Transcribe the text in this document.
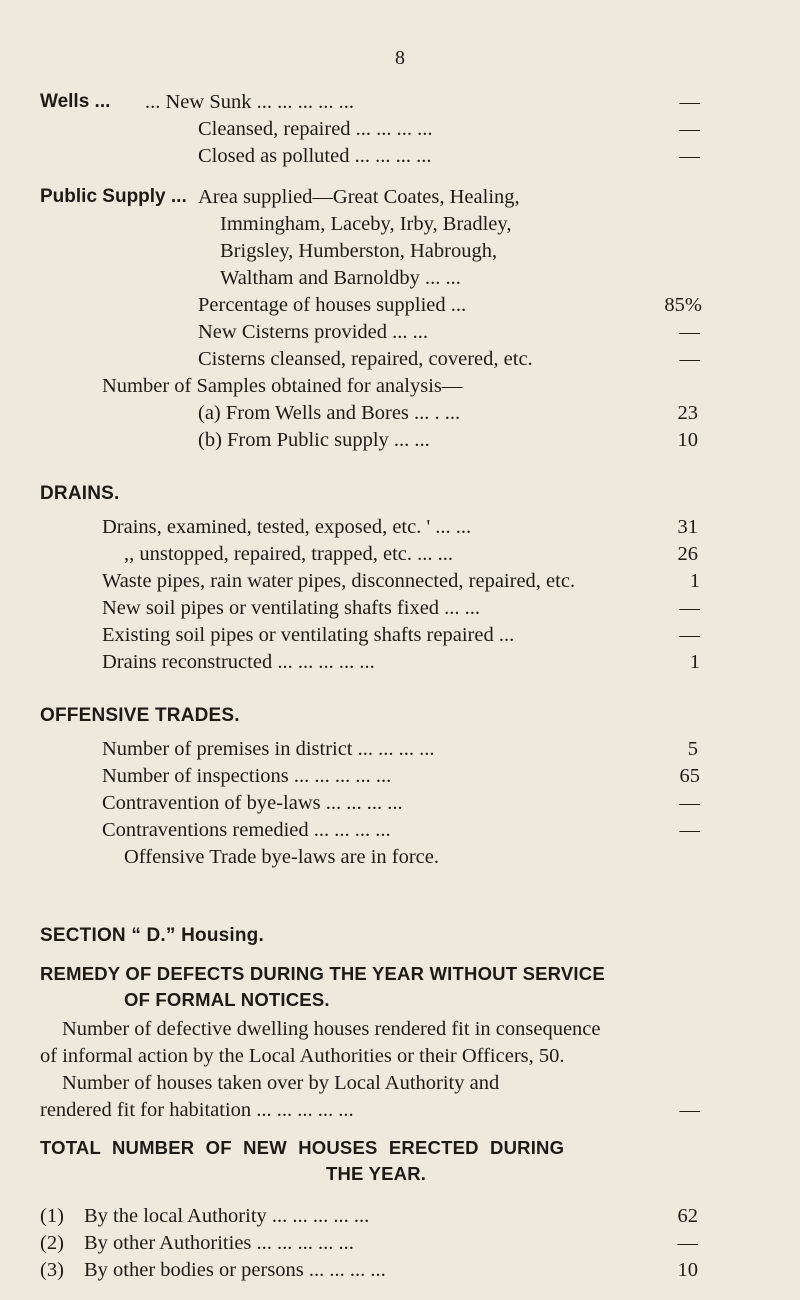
8
Wells ... ... New Sunk ... ... ... ... ...	—
Cleansed, repaired ... ... ... ...	—
Closed as polluted ... ... ... ...	—
Public Supply ... Area supplied—Great Coates, Healing,
Immingham, Laceby, Irby, Bradley,
Brigsley, Humberston, Habrough,
Waltham and Barnoldby ... ...
Percentage of houses supplied ...	85%
New Cisterns provided ... ...	—
Cisterns cleansed, repaired, covered, etc.	—
Number of Samples obtained for analysis—
(a) From Wells and Bores ... . ...	23
(b) From Public supply ... ...	10
DRAINS.
Drains, examined, tested, exposed, etc. ' ... ...	31
,, unstopped, repaired, trapped, etc. ... ...	26
Waste pipes, rain water pipes, disconnected, repaired, etc.	1
New soil pipes or ventilating shafts fixed ... ...	—
Existing soil pipes or ventilating shafts repaired ...	—
Drains reconstructed ... ... ... ... ...	1
OFFENSIVE TRADES.
Number of premises in district ... ... ... ...	5
Number of inspections ... ... ... ... ...	65
Contravention of bye-laws ... ... ... ...	—
Contraventions remedied ... ... ... ...	—
Offensive Trade bye-laws are in force.
SECTION “ D.” Housing.
REMEDY OF DEFECTS DURING THE YEAR WITHOUT SERVICE
OF FORMAL NOTICES.
Number of defective dwelling houses rendered fit in consequence
of informal action by the Local Authorities or their Officers, 50.
Number of houses taken over by Local Authority and
rendered fit for habitation ... ... ... ... ...	—
TOTAL NUMBER OF NEW HOUSES ERECTED DURING
THE YEAR.
(1) By the local Authority ... ... ... ... ...	62
(2) By other Authorities ... ... ... ... ...	—
(3) By other bodies or persons ... ... ... ...	10
